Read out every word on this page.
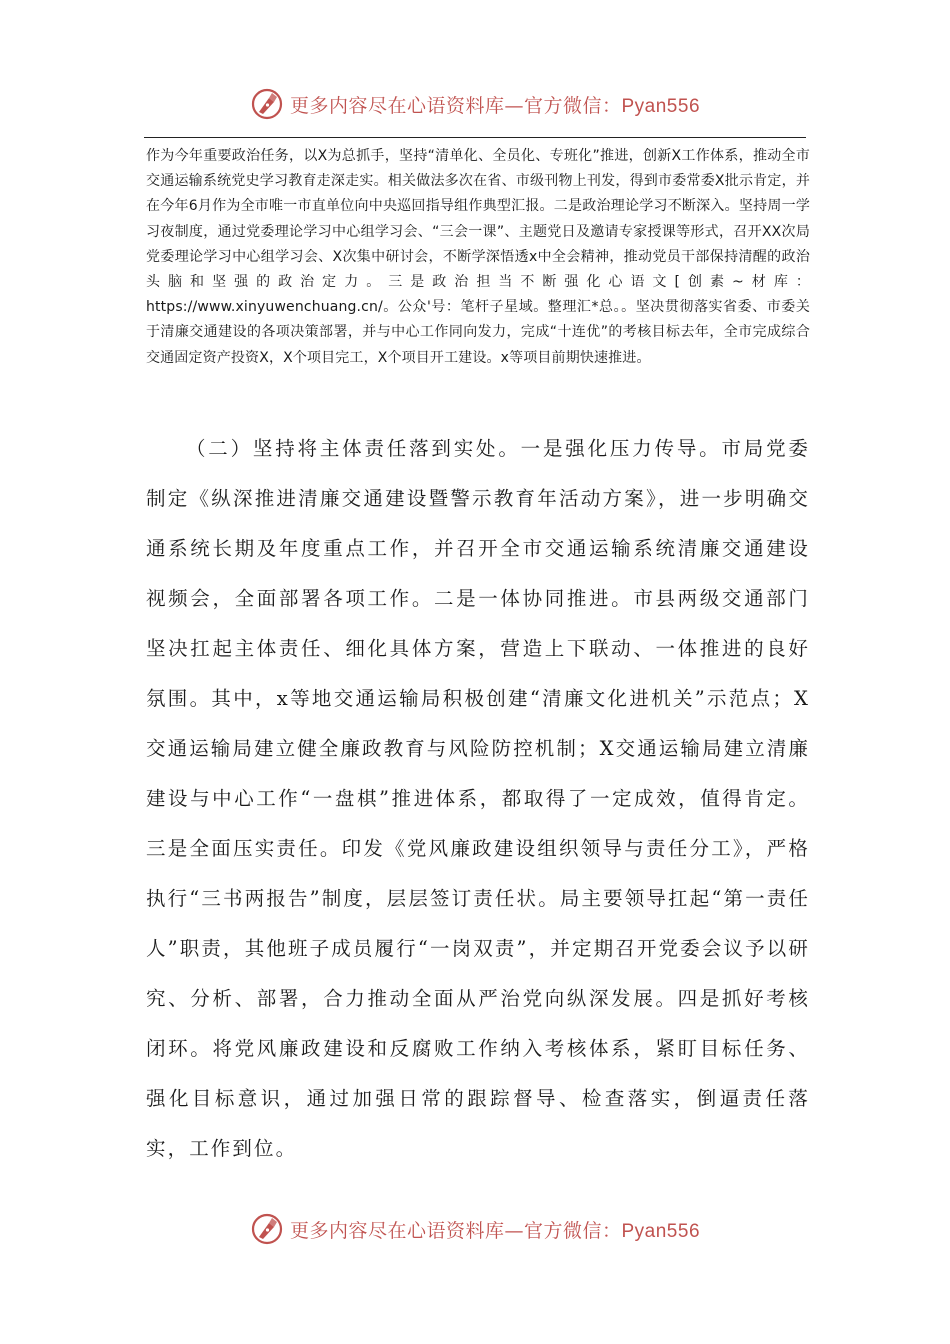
更多内容尽在心语资料库—官方微信：Pyan556

作为今年重要政治任务，以X为总抓手，坚持“清单化、全员化、专班化”推进，创新X工作体系，推动全市交通运输系统党史学习教育走深走实。相关做法多次在省、市级刊物上刊发，得到市委常委X批示肯定，并在今年6月作为全市唯一市直单位向中央巡回指导组作典型汇报。二是政治理论学习不断深入。坚持周一学习夜制度，通过党委理论学习中心组学习会、“三会一课”、主题党日及邀请专家授课等形式，召开XX次局党委理论学习中心组学习会、X次集中研讨会，不断学深悟透x中全会精神，推动党员干部保持清醒的政治头脑和坚强的政治定力。三是政治担当不断强化心语文[创素~材库：https://www.xinyuwenchuang.cn/。公众'号：笔杆子星域。整理汇*总。。坚决贯彻落实省委、市委关于清廉交通建设的各项决策部署，并与中心工作同向发力，完成“十连优”的考核目标去年，全市完成综合交通固定资产投资X，X个项目完工，X个项目开工建设。x等项目前期快速推进。

（二）坚持将主体责任落到实处。一是强化压力传导。市局党委制定《纵深推进清廉交通建设暨警示教育年活动方案》，进一步明确交通系统长期及年度重点工作，并召开全市交通运输系统清廉交通建设视频会，全面部署各项工作。二是一体协同推进。市县两级交通部门坚决扛起主体责任、细化具体方案，营造上下联动、一体推进的良好氛围。其中，x等地交通运输局积极创建“清廉文化进机关”示范点；X交通运输局建立健全廉政教育与风险防控机制；X交通运输局建立清廉建设与中心工作“一盘棋”推进体系，都取得了一定成效，值得肯定。三是全面压实责任。印发《党风廉政建设组织领导与责任分工》，严格执行“三书两报告”制度，层层签订责任状。局主要领导扛起“第一责任人”职责，其他班子成员履行“一岗双责”，并定期召开党委会议予以研究、分析、部署，合力推动全面从严治党向纵深发展。四是抓好考核闭环。将党风廉政建设和反腐败工作纳入考核体系，紧盯目标任务、强化目标意识，通过加强日常的跟踪督导、检查落实，倒逼责任落实，工作到位。

更多内容尽在心语资料库—官方微信：Pyan556
